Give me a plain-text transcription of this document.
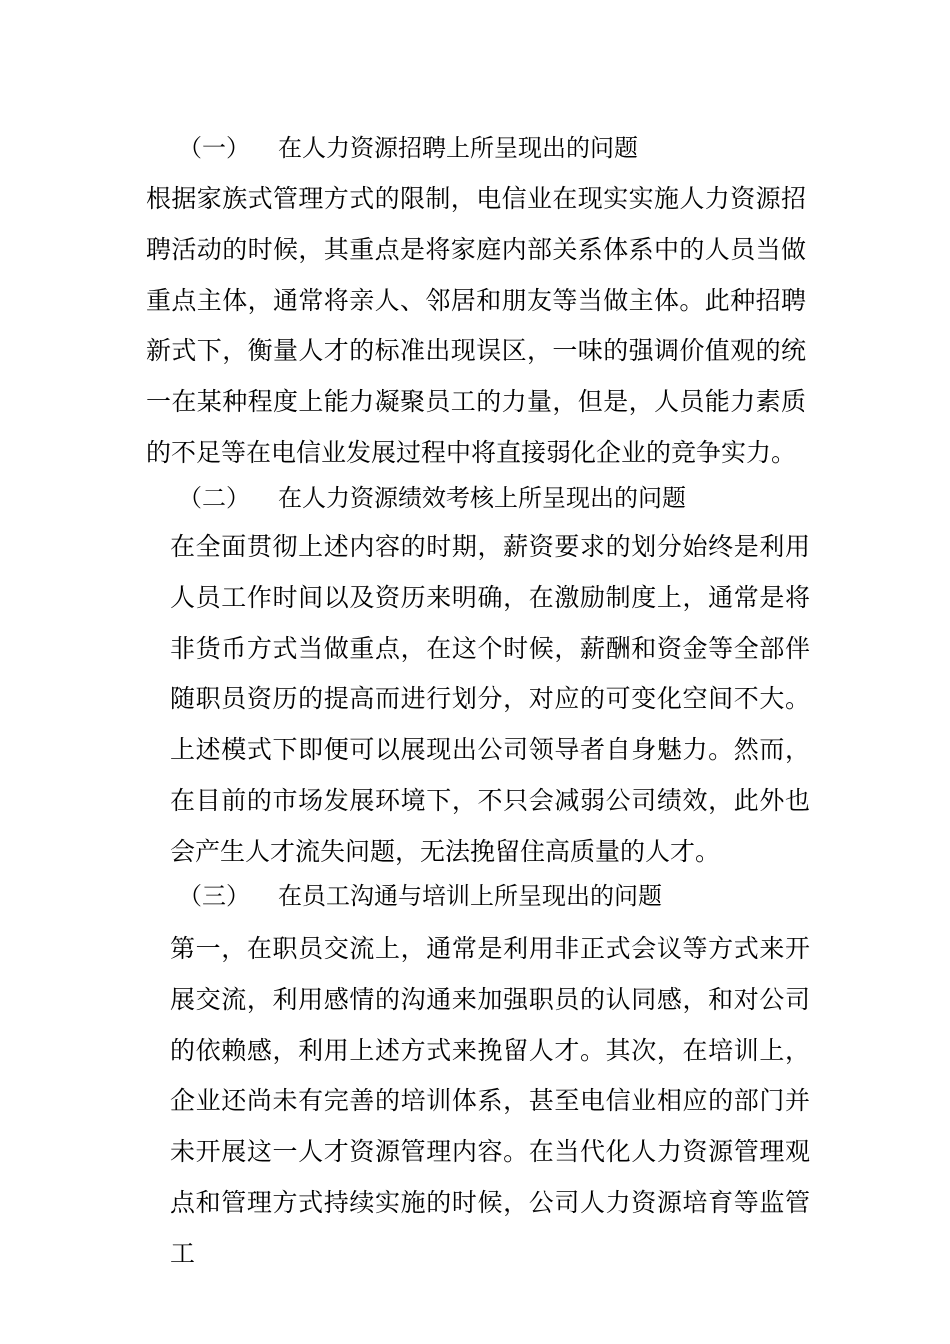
（一） 在人力资源招聘上所呈现出的问题
根据家族式管理方式的限制，电信业在现实实施人力资源招聘活动的时候，其重点是将家庭内部关系体系中的人员当做重点主体，通常将亲人、邻居和朋友等当做主体。此种招聘新式下，衡量人才的标准出现误区，一味的强调价值观的统一在某种程度上能力凝聚员工的力量，但是，人员能力素质的不足等在电信业发展过程中将直接弱化企业的竞争实力。
（二） 在人力资源绩效考核上所呈现出的问题
在全面贯彻上述内容的时期，薪资要求的划分始终是利用人员工作时间以及资历来明确，在激励制度上，通常是将非货币方式当做重点，在这个时候，薪酬和资金等全部伴随职员资历的提高而进行划分，对应的可变化空间不大。上述模式下即便可以展现出公司领导者自身魅力。然而，在目前的市场发展环境下，不只会减弱公司绩效，此外也会产生人才流失问题，无法挽留住高质量的人才。
（三） 在员工沟通与培训上所呈现出的问题
第一，在职员交流上，通常是利用非正式会议等方式来开展交流，利用感情的沟通来加强职员的认同感，和对公司的依赖感，利用上述方式来挽留人才。其次，在培训上，企业还尚未有完善的培训体系，甚至电信业相应的部门并未开展这一人才资源管理内容。在当代化人力资源管理观点和管理方式持续实施的时候，公司人力资源培育等监管工
